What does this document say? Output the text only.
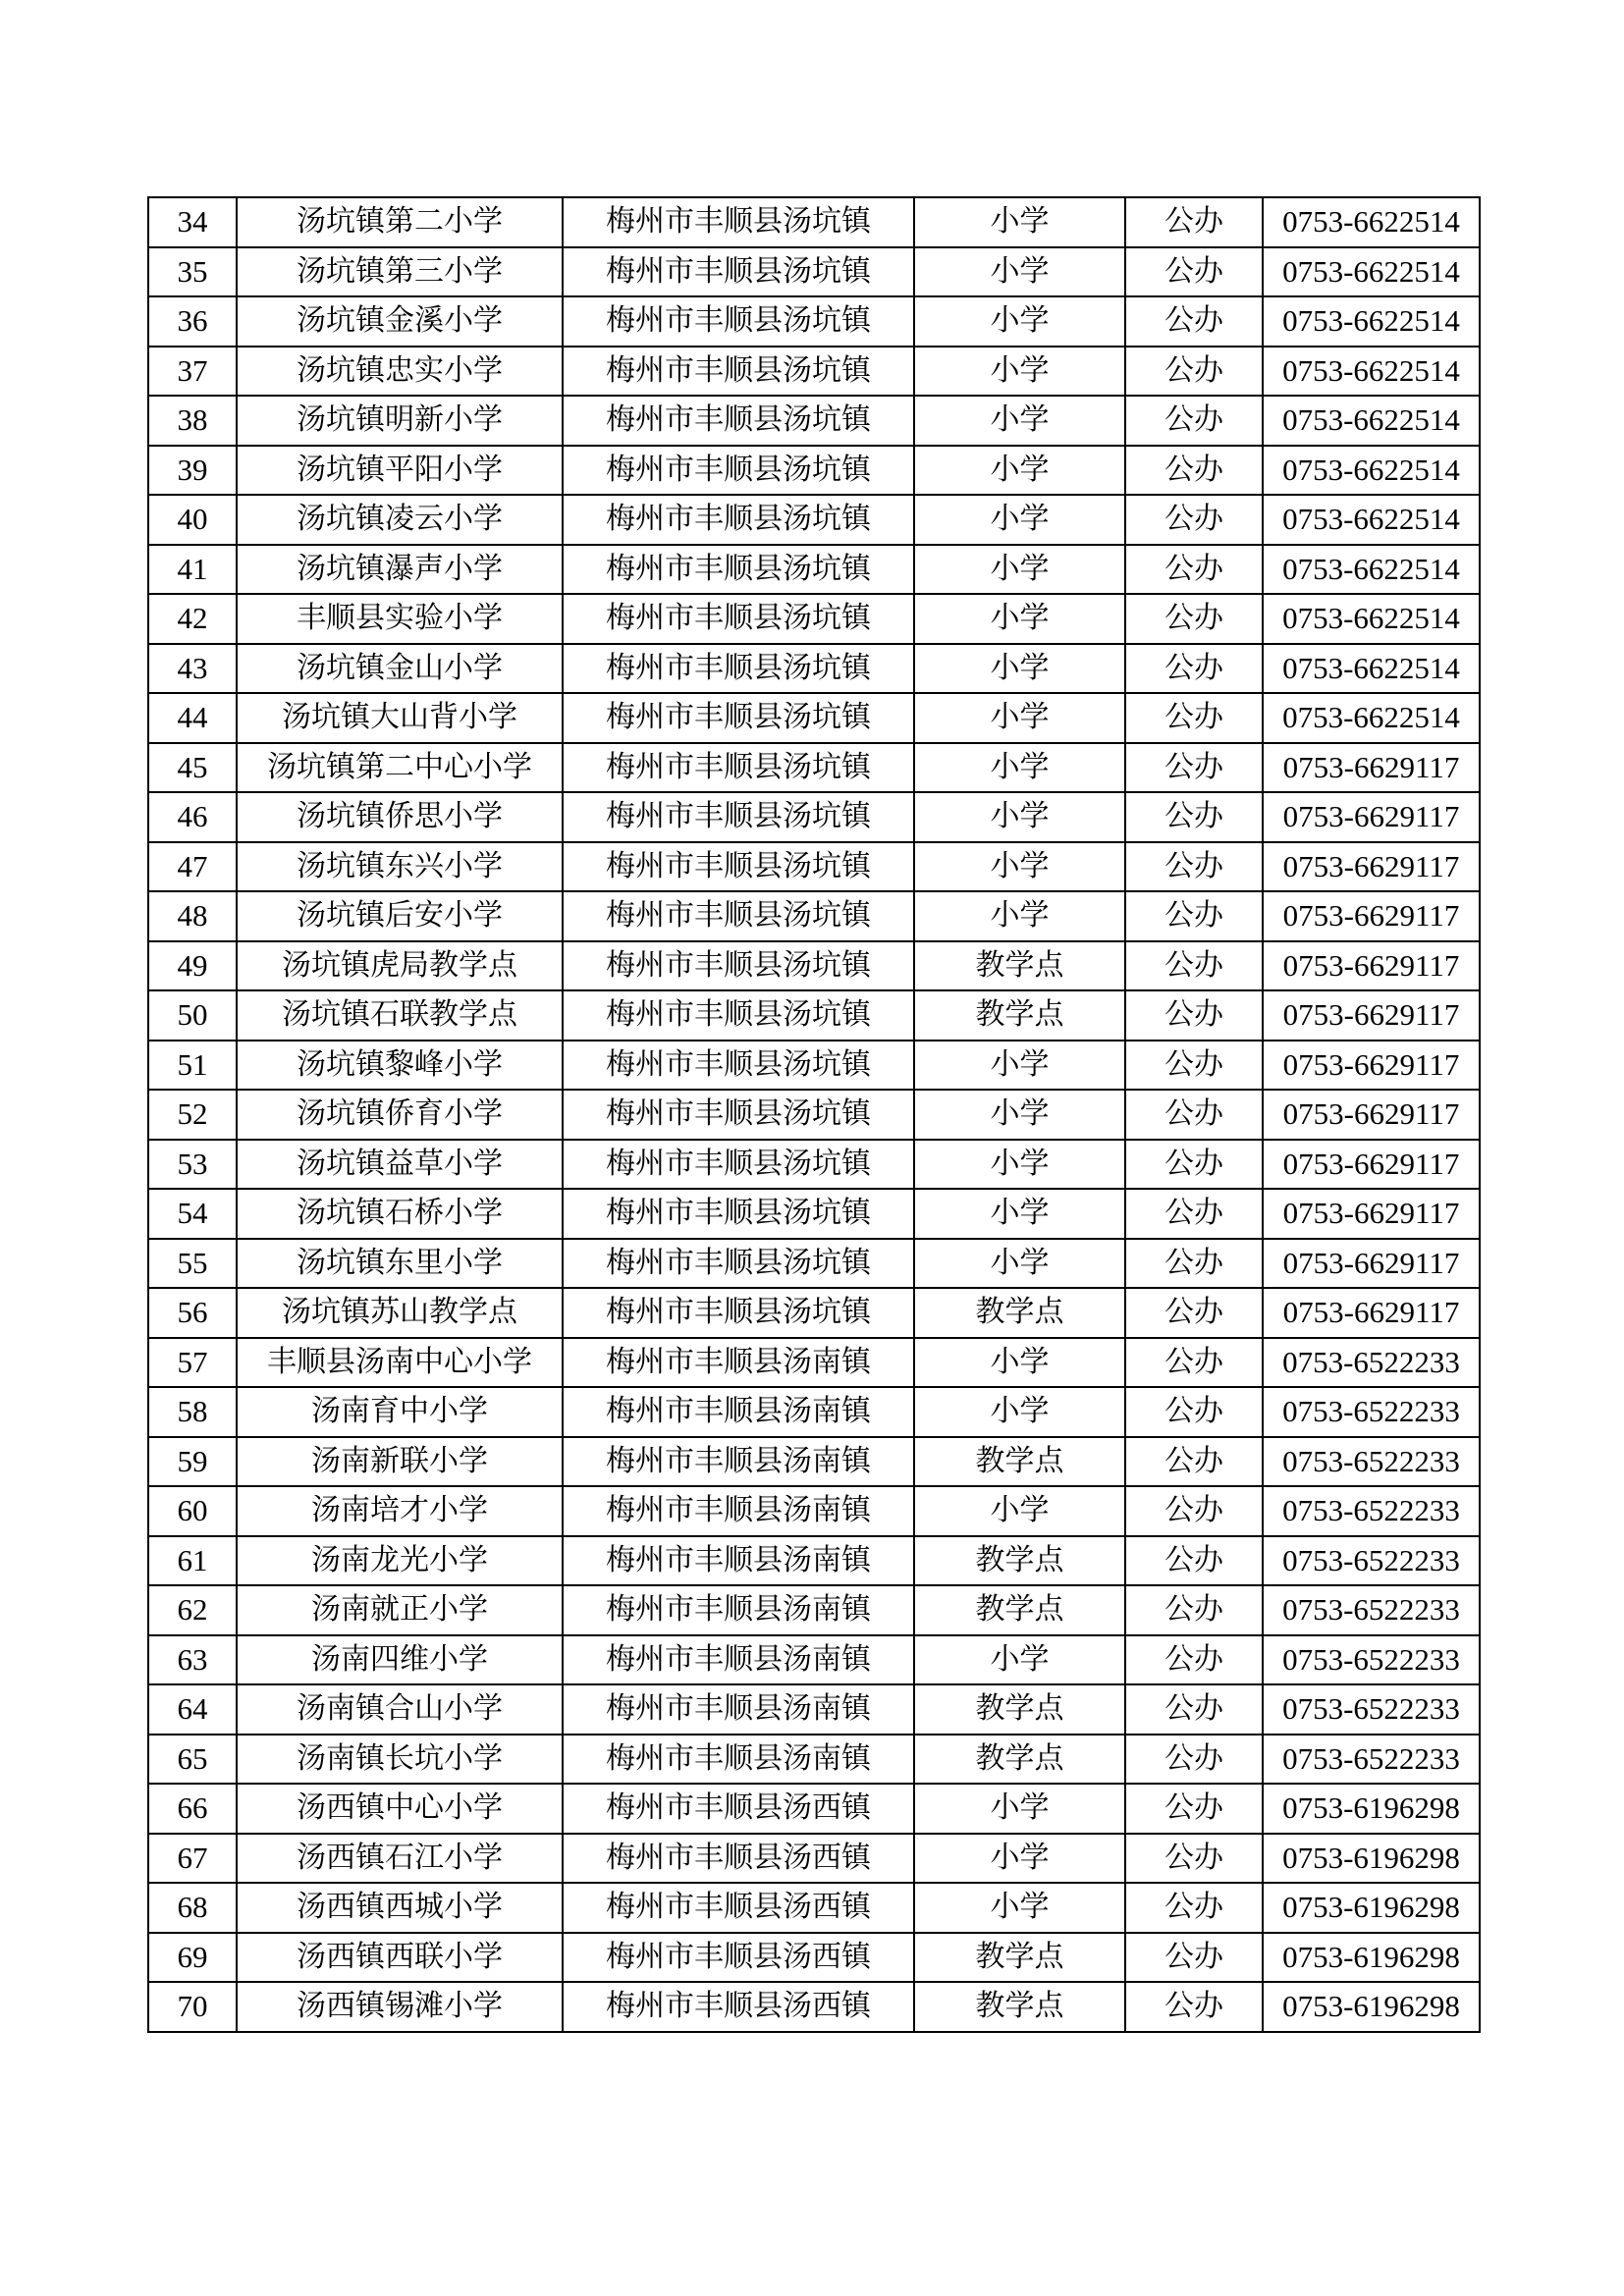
34	汤坑镇第二小学	梅州市丰顺县汤坑镇	小学	公办	0753-6622514
35	汤坑镇第三小学	梅州市丰顺县汤坑镇	小学	公办	0753-6622514
36	汤坑镇金溪小学	梅州市丰顺县汤坑镇	小学	公办	0753-6622514
37	汤坑镇忠实小学	梅州市丰顺县汤坑镇	小学	公办	0753-6622514
38	汤坑镇明新小学	梅州市丰顺县汤坑镇	小学	公办	0753-6622514
39	汤坑镇平阳小学	梅州市丰顺县汤坑镇	小学	公办	0753-6622514
40	汤坑镇凌云小学	梅州市丰顺县汤坑镇	小学	公办	0753-6622514
41	汤坑镇瀑声小学	梅州市丰顺县汤坑镇	小学	公办	0753-6622514
42	丰顺县实验小学	梅州市丰顺县汤坑镇	小学	公办	0753-6622514
43	汤坑镇金山小学	梅州市丰顺县汤坑镇	小学	公办	0753-6622514
44	汤坑镇大山背小学	梅州市丰顺县汤坑镇	小学	公办	0753-6622514
45	汤坑镇第二中心小学	梅州市丰顺县汤坑镇	小学	公办	0753-6629117
46	汤坑镇侨思小学	梅州市丰顺县汤坑镇	小学	公办	0753-6629117
47	汤坑镇东兴小学	梅州市丰顺县汤坑镇	小学	公办	0753-6629117
48	汤坑镇后安小学	梅州市丰顺县汤坑镇	小学	公办	0753-6629117
49	汤坑镇虎局教学点	梅州市丰顺县汤坑镇	教学点	公办	0753-6629117
50	汤坑镇石联教学点	梅州市丰顺县汤坑镇	教学点	公办	0753-6629117
51	汤坑镇黎峰小学	梅州市丰顺县汤坑镇	小学	公办	0753-6629117
52	汤坑镇侨育小学	梅州市丰顺县汤坑镇	小学	公办	0753-6629117
53	汤坑镇益草小学	梅州市丰顺县汤坑镇	小学	公办	0753-6629117
54	汤坑镇石桥小学	梅州市丰顺县汤坑镇	小学	公办	0753-6629117
55	汤坑镇东里小学	梅州市丰顺县汤坑镇	小学	公办	0753-6629117
56	汤坑镇苏山教学点	梅州市丰顺县汤坑镇	教学点	公办	0753-6629117
57	丰顺县汤南中心小学	梅州市丰顺县汤南镇	小学	公办	0753-6522233
58	汤南育中小学	梅州市丰顺县汤南镇	小学	公办	0753-6522233
59	汤南新联小学	梅州市丰顺县汤南镇	教学点	公办	0753-6522233
60	汤南培才小学	梅州市丰顺县汤南镇	小学	公办	0753-6522233
61	汤南龙光小学	梅州市丰顺县汤南镇	教学点	公办	0753-6522233
62	汤南就正小学	梅州市丰顺县汤南镇	教学点	公办	0753-6522233
63	汤南四维小学	梅州市丰顺县汤南镇	小学	公办	0753-6522233
64	汤南镇合山小学	梅州市丰顺县汤南镇	教学点	公办	0753-6522233
65	汤南镇长坑小学	梅州市丰顺县汤南镇	教学点	公办	0753-6522233
66	汤西镇中心小学	梅州市丰顺县汤西镇	小学	公办	0753-6196298
67	汤西镇石江小学	梅州市丰顺县汤西镇	小学	公办	0753-6196298
68	汤西镇西城小学	梅州市丰顺县汤西镇	小学	公办	0753-6196298
69	汤西镇西联小学	梅州市丰顺县汤西镇	教学点	公办	0753-6196298
70	汤西镇锡滩小学	梅州市丰顺县汤西镇	教学点	公办	0753-6196298
